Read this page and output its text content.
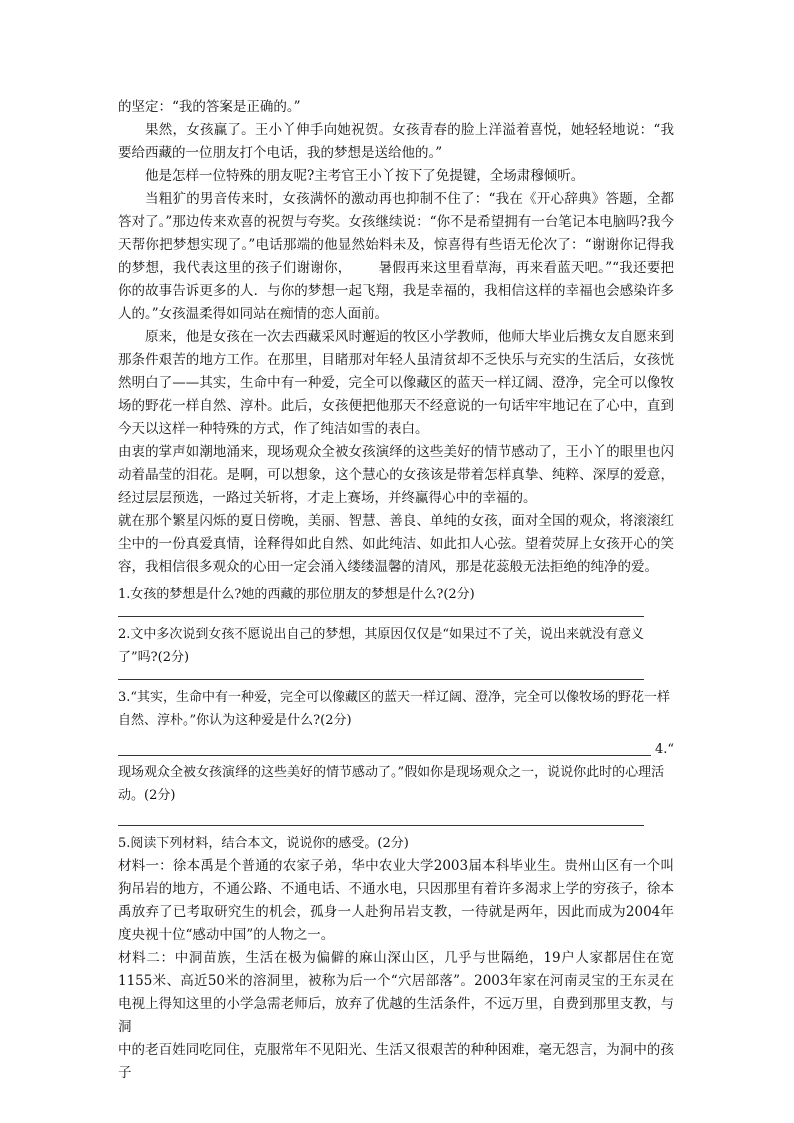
的坚定：“我的答案是正确的。”

果然，女孩赢了。王小丫伸手向她祝贺。女孩青春的脸上洋溢着喜悦，她轻轻地说：“我要给西藏的一位朋友打个电话，我的梦想是送给他的。”

他是怎样一位特殊的朋友呢?主考官王小丫按下了免提键，全场肃穆倾听。

当粗犷的男音传来时，女孩满怀的激动再也抑制不住了：“我在《开心辞典》答题，全都答对了。”那边传来欢喜的祝贺与夸奖。女孩继续说：“你不是希望拥有一台笔记本电脑吗?我今天帮你把梦想实现了。”电话那端的他显然始料未及，惊喜得有些语无伦次了：“谢谢你记得我的梦想，我代表这里的孩子们谢谢你，      暑假再来这里看草海，再来看蓝天吧。”“我还要把你的故事告诉更多的人．与你的梦想一起飞翔，我是幸福的，我相信这样的幸福也会感染许多人的。”女孩温柔得如同站在痴情的恋人面前。

原来，他是女孩在一次去西藏采风时邂逅的牧区小学教师，他师大毕业后携女友自愿来到那条件艰苦的地方工作。在那里，目睹那对年轻人虽清贫却不乏快乐与充实的生活后，女孩恍然明白了——其实，生命中有一种爱，完全可以像藏区的蓝天一样辽阔、澄净，完全可以像牧场的野花一样自然、淳朴。此后，女孩便把他那天不经意说的一句话牢牢地记在了心中，直到今天以这样一种特殊的方式，作了纯洁如雪的表白。

由衷的掌声如潮地涌来，现场观众全被女孩演绎的这些美好的情节感动了，王小丫的眼里也闪动着晶莹的泪花。是啊，可以想象，这个慧心的女孩该是带着怎样真挚、纯粹、深厚的爱意，经过层层预选，一路过关斩将，才走上赛场，并终赢得心中的幸福的。

就在那个繁星闪烁的夏日傍晚，美丽、智慧、善良、单纯的女孩，面对全国的观众，将滚滚红尘中的一份真爱真情，诠释得如此自然、如此纯洁、如此扣人心弦。望着荧屏上女孩开心的笑容，我相信很多观众的心田一定会涌入缕缕温馨的清风，那是花蕊般无法拒绝的纯净的爱。

1.女孩的梦想是什么?她的西藏的那位朋友的梦想是什么?(2分)

2.文中多次说到女孩不愿说出自己的梦想，其原因仅仅是“如果过不了关，说出来就没有意义了”吗?(2分)

3.“其实，生命中有一种爱，完全可以像藏区的蓝天一样辽阔、澄净，完全可以像牧场的野花一样自然、淳朴。”你认为这种爱是什么?(2分)

4.“

现场观众全被女孩演绎的这些美好的情节感动了。”假如你是现场观众之一，说说你此时的心理活动。(2分)

5.阅读下列材料，结合本文，说说你的感受。(2分)

材料一：徐本禹是个普通的农家子弟，华中农业大学2003届本科毕业生。贵州山区有一个叫狗吊岩的地方，不通公路、不通电话、不通水电，只因那里有着许多渴求上学的穷孩子，徐本禹放弃了已考取研究生的机会，孤身一人赴狗吊岩支教，一待就是两年，因此而成为2004年度央视十位“感动中国”的人物之一。

材料二：中洞苗族，生活在极为偏僻的麻山深山区，几乎与世隔绝，19户人家都居住在宽1155米、高近50米的溶洞里，被称为后一个“穴居部落”。2003年家在河南灵宝的王东灵在电视上得知这里的小学急需老师后，放弃了优越的生活条件，不远万里，自费到那里支教，与洞

中的老百姓同吃同住，克服常年不见阳光、生活又很艰苦的种种困难，毫无怨言，为洞中的孩子
